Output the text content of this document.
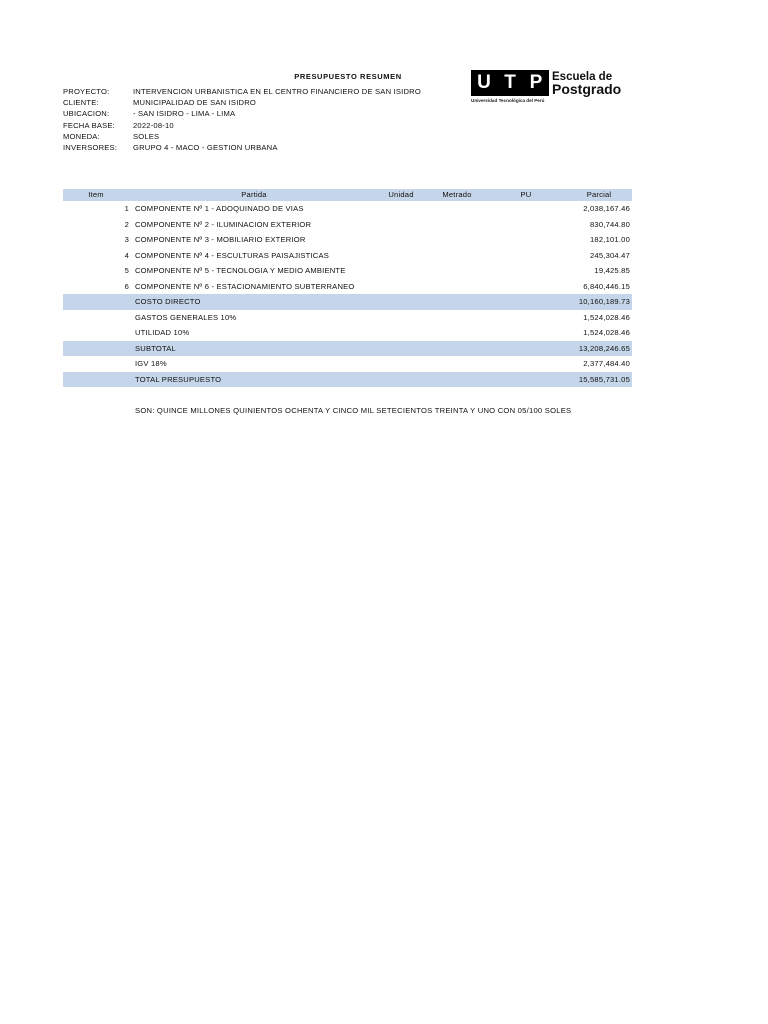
PRESUPUESTO RESUMEN
PROYECTO:	INTERVENCION URBANISTICA EN EL CENTRO FINANCIERO DE SAN ISIDRO
CLIENTE:	MUNICIPALIDAD DE SAN ISIDRO
UBICACION:	- SAN ISIDRO - LIMA - LIMA
FECHA BASE:	2022-08-10
MONEDA:	SOLES
INVERSORES:	GRUPO 4 - MACO - GESTION URBANA
U T P
Universidad Tecnológica del Perú
Escuela de
Postgrado
Item	Partida	Unidad	Metrado	PU	Parcial
1 COMPONENTE Nº 1 - ADOQUINADO DE VIAS	2,038,167.46
2 COMPONENTE Nº 2 - ILUMINACION EXTERIOR	830,744.80
3 COMPONENTE Nº 3 - MOBILIARIO EXTERIOR	182,101.00
4 COMPONENTE Nº 4 - ESCULTURAS PAISAJISTICAS	245,304.47
5 COMPONENTE Nº 5 - TECNOLOGIA Y MEDIO AMBIENTE	19,425.85
6 COMPONENTE Nº 6 - ESTACIONAMIENTO SUBTERRANEO	6,840,446.15
COSTO DIRECTO	10,160,189.73
GASTOS GENERALES 10%	1,524,028.46
UTILIDAD 10%	1,524,028.46
SUBTOTAL	13,208,246.65
IGV 18%	2,377,484.40
TOTAL PRESUPUESTO	15,585,731.05
SON: QUINCE MILLONES QUINIENTOS OCHENTA Y CINCO MIL SETECIENTOS TREINTA Y UNO CON 05/100 SOLES
